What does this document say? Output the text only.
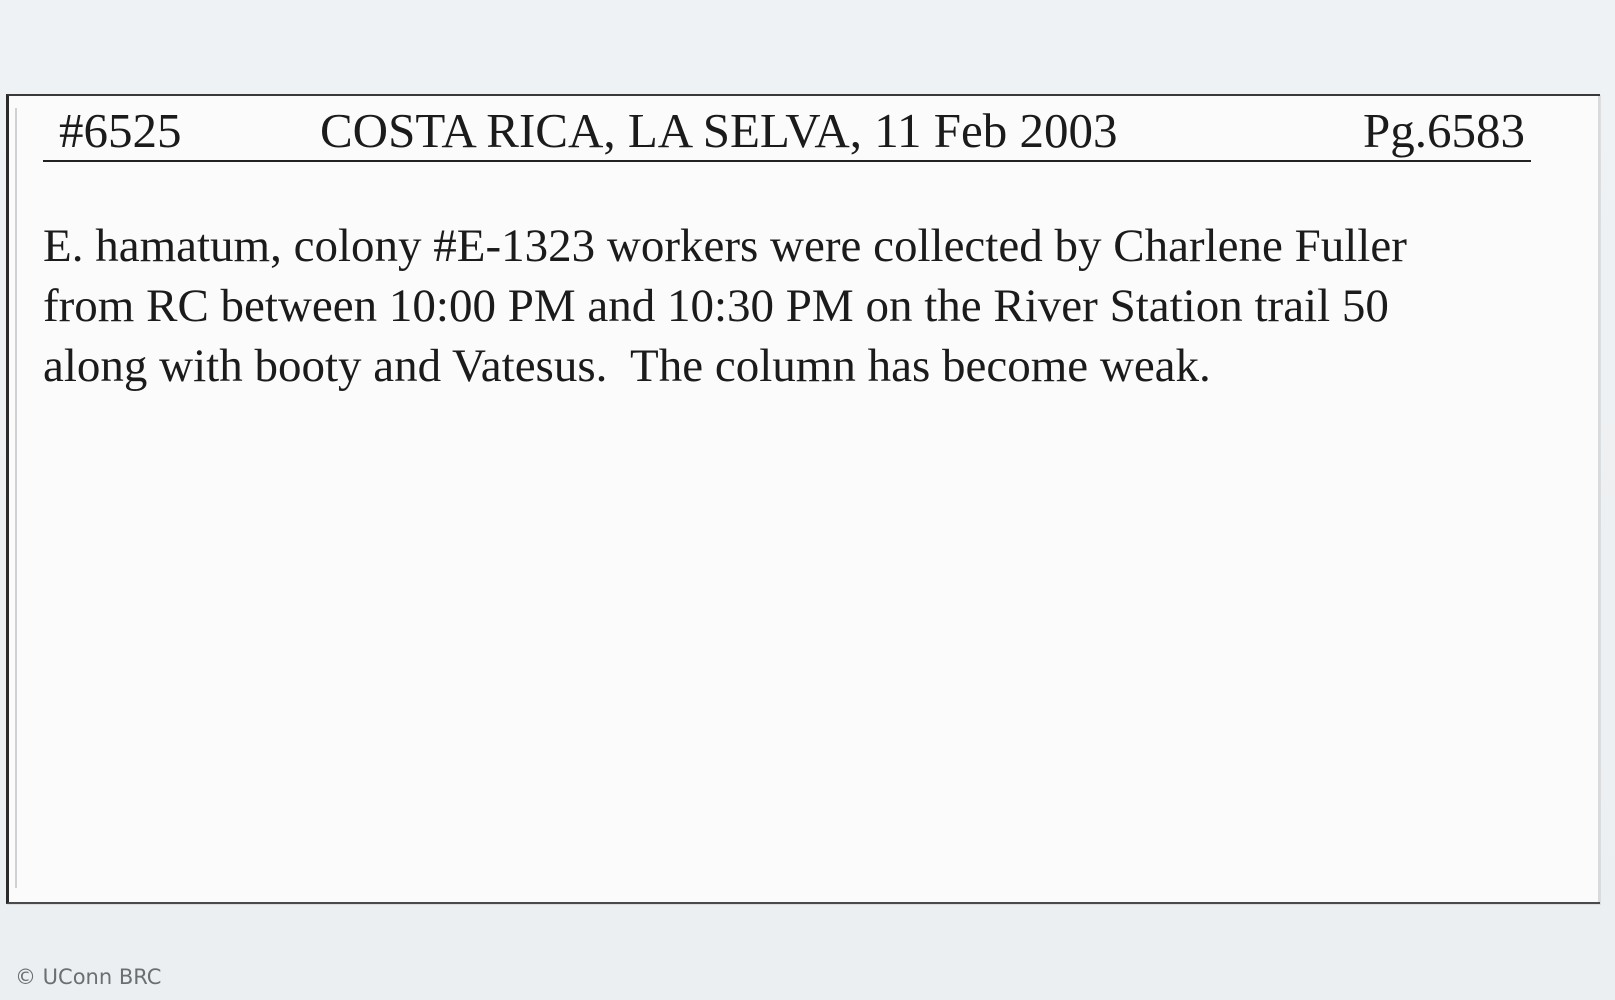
#6525	COSTA RICA, LA SELVA, 11 Feb 2003	Pg.6583
E. hamatum, colony #E-1323 workers were collected by Charlene Fuller
from RC between 10:00 PM and 10:30 PM on the River Station trail 50
along with booty and Vatesus.  The column has become weak.
© UConn BRC
